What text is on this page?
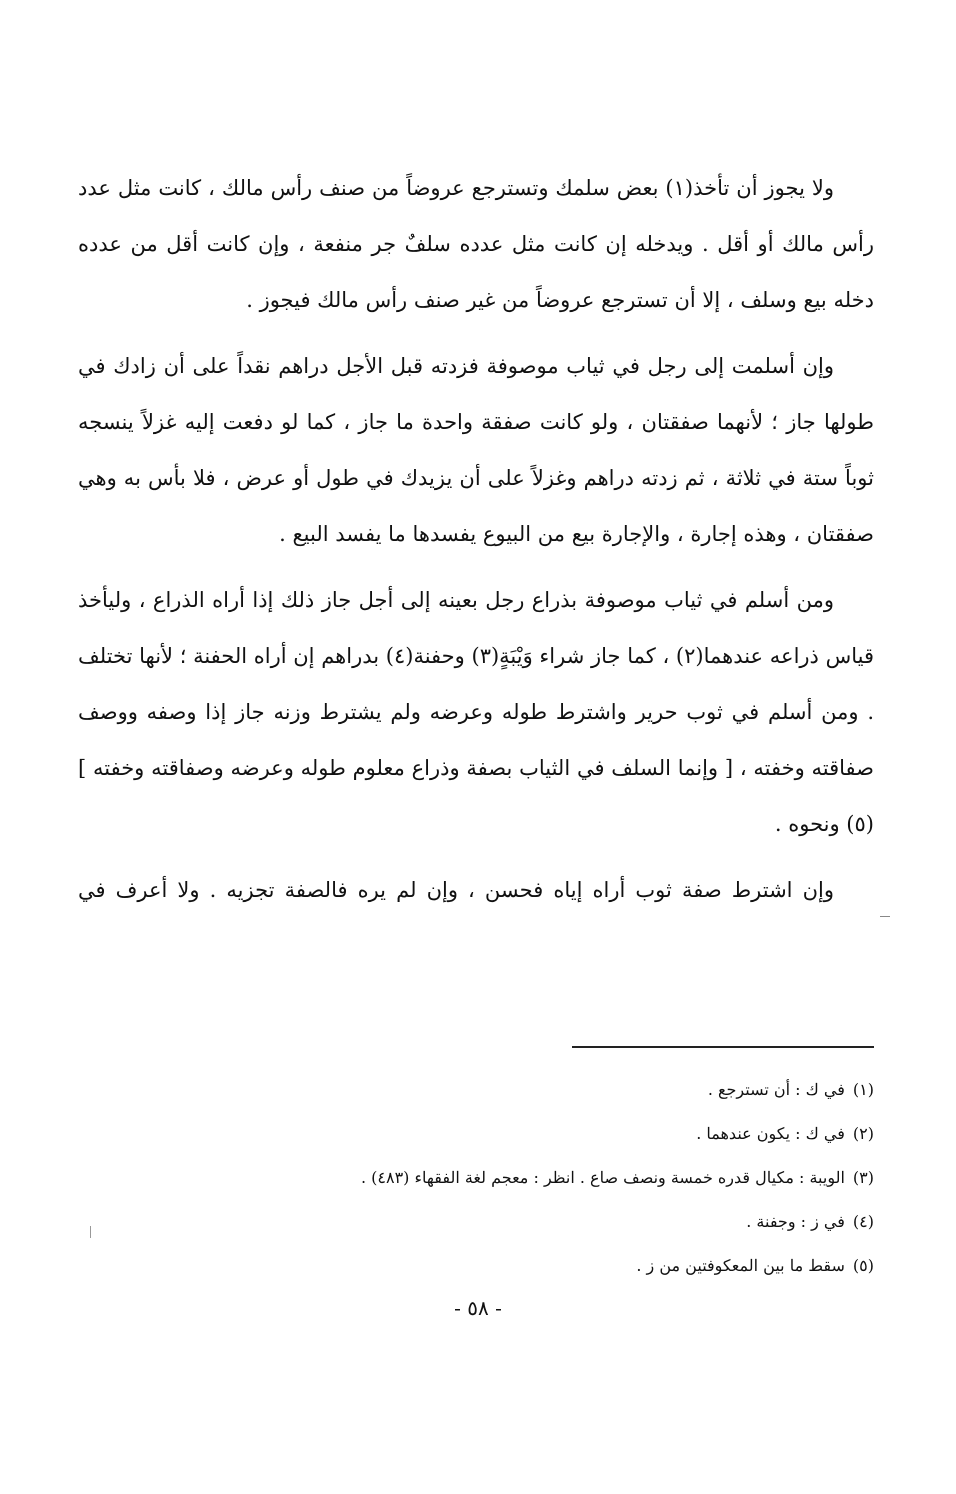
ولا يجوز أن تأخذ(١) بعض سلمك وتسترجع عروضاً من صنف رأس مالك ، كانت مثل عدد رأس مالك أو أقل . ويدخله إن كانت مثل عدده سلفٌ جر منفعة ، وإن كانت أقل من عدده دخله بيع وسلف ، إلا أن تسترجع عروضاً من غير صنف رأس مالك فيجوز .

وإن أسلمت إلى رجل في ثياب موصوفة فزدته قبل الأجل دراهم نقداً على أن زادك في طولها جاز ؛ لأنهما صفقتان ، ولو كانت صفقة واحدة ما جاز ، كما لو دفعت إليه غزلاً ينسجه ثوباً ستة في ثلاثة ، ثم زدته دراهم وغزلاً على أن يزيدك في طول أو عرض ، فلا بأس به وهي صفقتان ، وهذه إجارة ، والإجارة بيع من البيوع يفسدها ما يفسد البيع .

ومن أسلم في ثياب موصوفة بذراع رجل بعينه إلى أجل جاز ذلك إذا أراه الذراع ، وليأخذ قياس ذراعه عندهما(٢) ، كما جاز شراء وَيْبَةٍ(٣) وحفنة(٤) بدراهم إن أراه الحفنة ؛ لأنها تختلف . ومن أسلم في ثوب حرير واشترط طوله وعرضه ولم يشترط وزنه جاز إذا وصفه ووصف صفاقته وخفته ، [ وإنما السلف في الثياب بصفة وذراع معلوم طوله وعرضه وصفاقته وخفته ](٥) ونحوه .

وإن اشترط صفة ثوب أراه إياه فحسن ، وإن لم يره فالصفة تجزيه . ولا أعرف في

(١)في ك : أن تسترجع .
(٢)في ك : يكون عندهما .
(٣)الويبة : مكيال قدره خمسة ونصف صاع . انظر : معجم لغة الفقهاء (٤٨٣) .
(٤)في ز : وجفنة .
(٥)سقط ما بين المعكوفتين من ز .
- ٥٨ -
